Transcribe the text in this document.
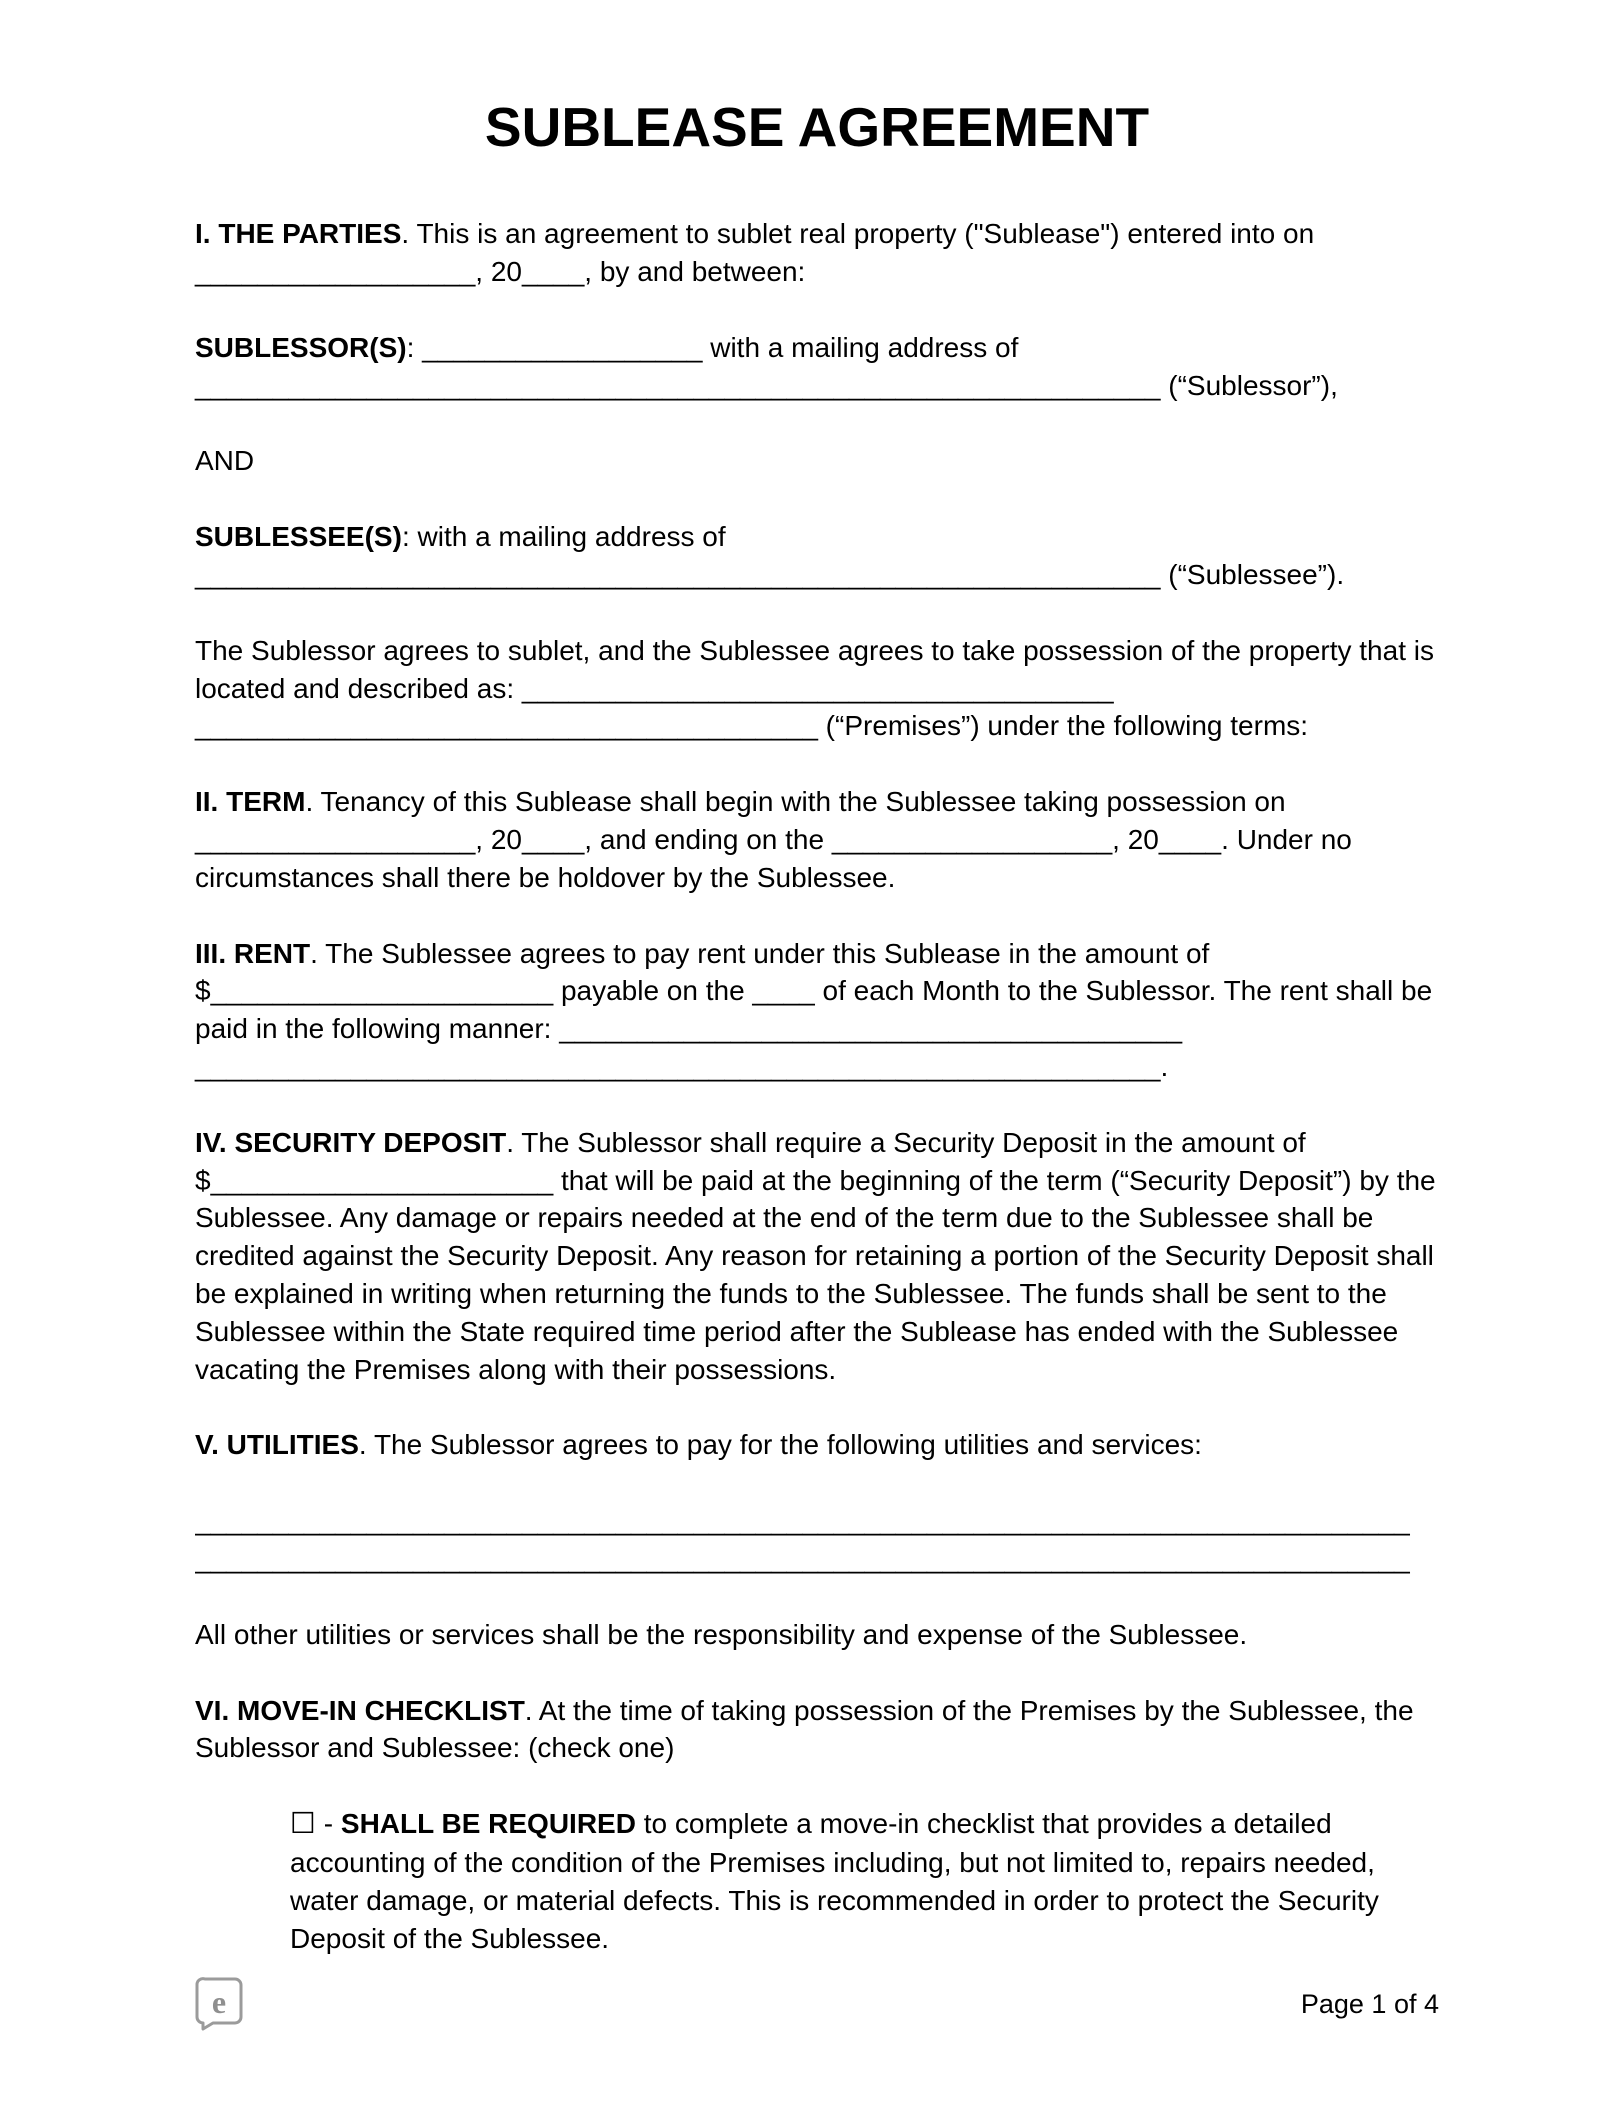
SUBLEASE AGREEMENT

I. THE PARTIES. This is an agreement to sublet real property ("Sublease") entered into on __________________, 20____, by and between:

SUBLESSOR(S): __________________ with a mailing address of ______________________________________________________________ (“Sublessor”),

AND

SUBLESSEE(S): with a mailing address of ______________________________________________________________ (“Sublessee”).

The Sublessor agrees to sublet, and the Sublessee agrees to take possession of the property that is located and described as: ______________________________________ ________________________________________ (“Premises”) under the following terms:

II. TERM. Tenancy of this Sublease shall begin with the Sublessee taking possession on __________________, 20____, and ending on the __________________, 20____. Under no circumstances shall there be holdover by the Sublessee.

III. RENT. The Sublessee agrees to pay rent under this Sublease in the amount of $______________________ payable on the ____ of each Month to the Sublessor. The rent shall be paid in the following manner: ________________________________________ ______________________________________________________________.

IV. SECURITY DEPOSIT. The Sublessor shall require a Security Deposit in the amount of $______________________ that will be paid at the beginning of the term (“Security Deposit”) by the Sublessee. Any damage or repairs needed at the end of the term due to the Sublessee shall be credited against the Security Deposit. Any reason for retaining a portion of the Security Deposit shall be explained in writing when returning the funds to the Sublessee. The funds shall be sent to the Sublessee within the State required time period after the Sublease has ended with the Sublessee vacating the Premises along with their possessions.

V. UTILITIES. The Sublessor agrees to pay for the following utilities and services:

______________________________________________________________________________
______________________________________________________________________________

All other utilities or services shall be the responsibility and expense of the Sublessee.

VI. MOVE-IN CHECKLIST. At the time of taking possession of the Premises by the Sublessee, the Sublessor and Sublessee: (check one)

☐ - SHALL BE REQUIRED to complete a move-in checklist that provides a detailed accounting of the condition of the Premises including, but not limited to, repairs needed, water damage, or material defects. This is recommended in order to protect the Security Deposit of the Sublessee.
e	Page 1 of 4
